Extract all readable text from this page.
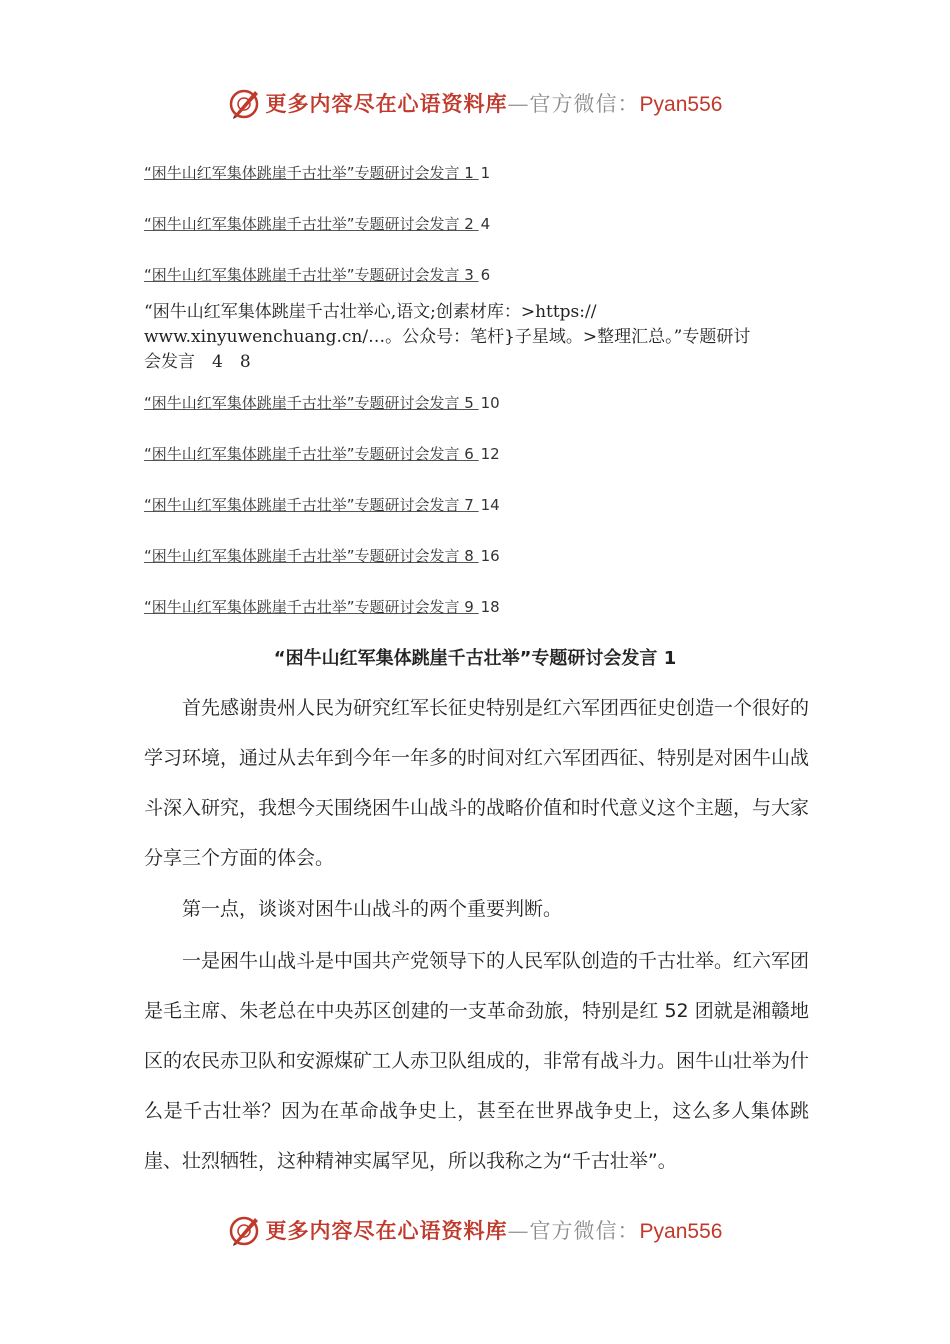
更多内容尽在心语资料库—官方微信：Pyan556
“困牛山红军集体跳崖千古壮举”专题研讨会发言 1 1
“困牛山红军集体跳崖千古壮举”专题研讨会发言 2 4
“困牛山红军集体跳崖千古壮举”专题研讨会发言 3 6
“困牛山红军集体跳崖千古壮举心,语文;创素材库：>https://
www.xinyuwenchuang.cn/…。公众号：笔杆}子星域。>整理汇总。”专题研讨
会发言　4　8
“困牛山红军集体跳崖千古壮举”专题研讨会发言 5 10
“困牛山红军集体跳崖千古壮举”专题研讨会发言 6 12
“困牛山红军集体跳崖千古壮举”专题研讨会发言 7 14
“困牛山红军集体跳崖千古壮举”专题研讨会发言 8 16
“困牛山红军集体跳崖千古壮举”专题研讨会发言 9 18
“困牛山红军集体跳崖千古壮举”专题研讨会发言 1
首先感谢贵州人民为研究红军长征史特别是红六军团西征史创造一个很好的学习环境，通过从去年到今年一年多的时间对红六军团西征、特别是对困牛山战斗深入研究，我想今天围绕困牛山战斗的战略价值和时代意义这个主题，与大家分享三个方面的体会。
第一点，谈谈对困牛山战斗的两个重要判断。
一是困牛山战斗是中国共产党领导下的人民军队创造的千古壮举。红六军团是毛主席、朱老总在中央苏区创建的一支革命劲旅，特别是红 52 团就是湘赣地区的农民赤卫队和安源煤矿工人赤卫队组成的，非常有战斗力。困牛山壮举为什么是千古壮举？因为在革命战争史上，甚至在世界战争史上，这么多人集体跳崖、壮烈牺牲，这种精神实属罕见，所以我称之为“千古壮举”。
更多内容尽在心语资料库—官方微信：Pyan556
